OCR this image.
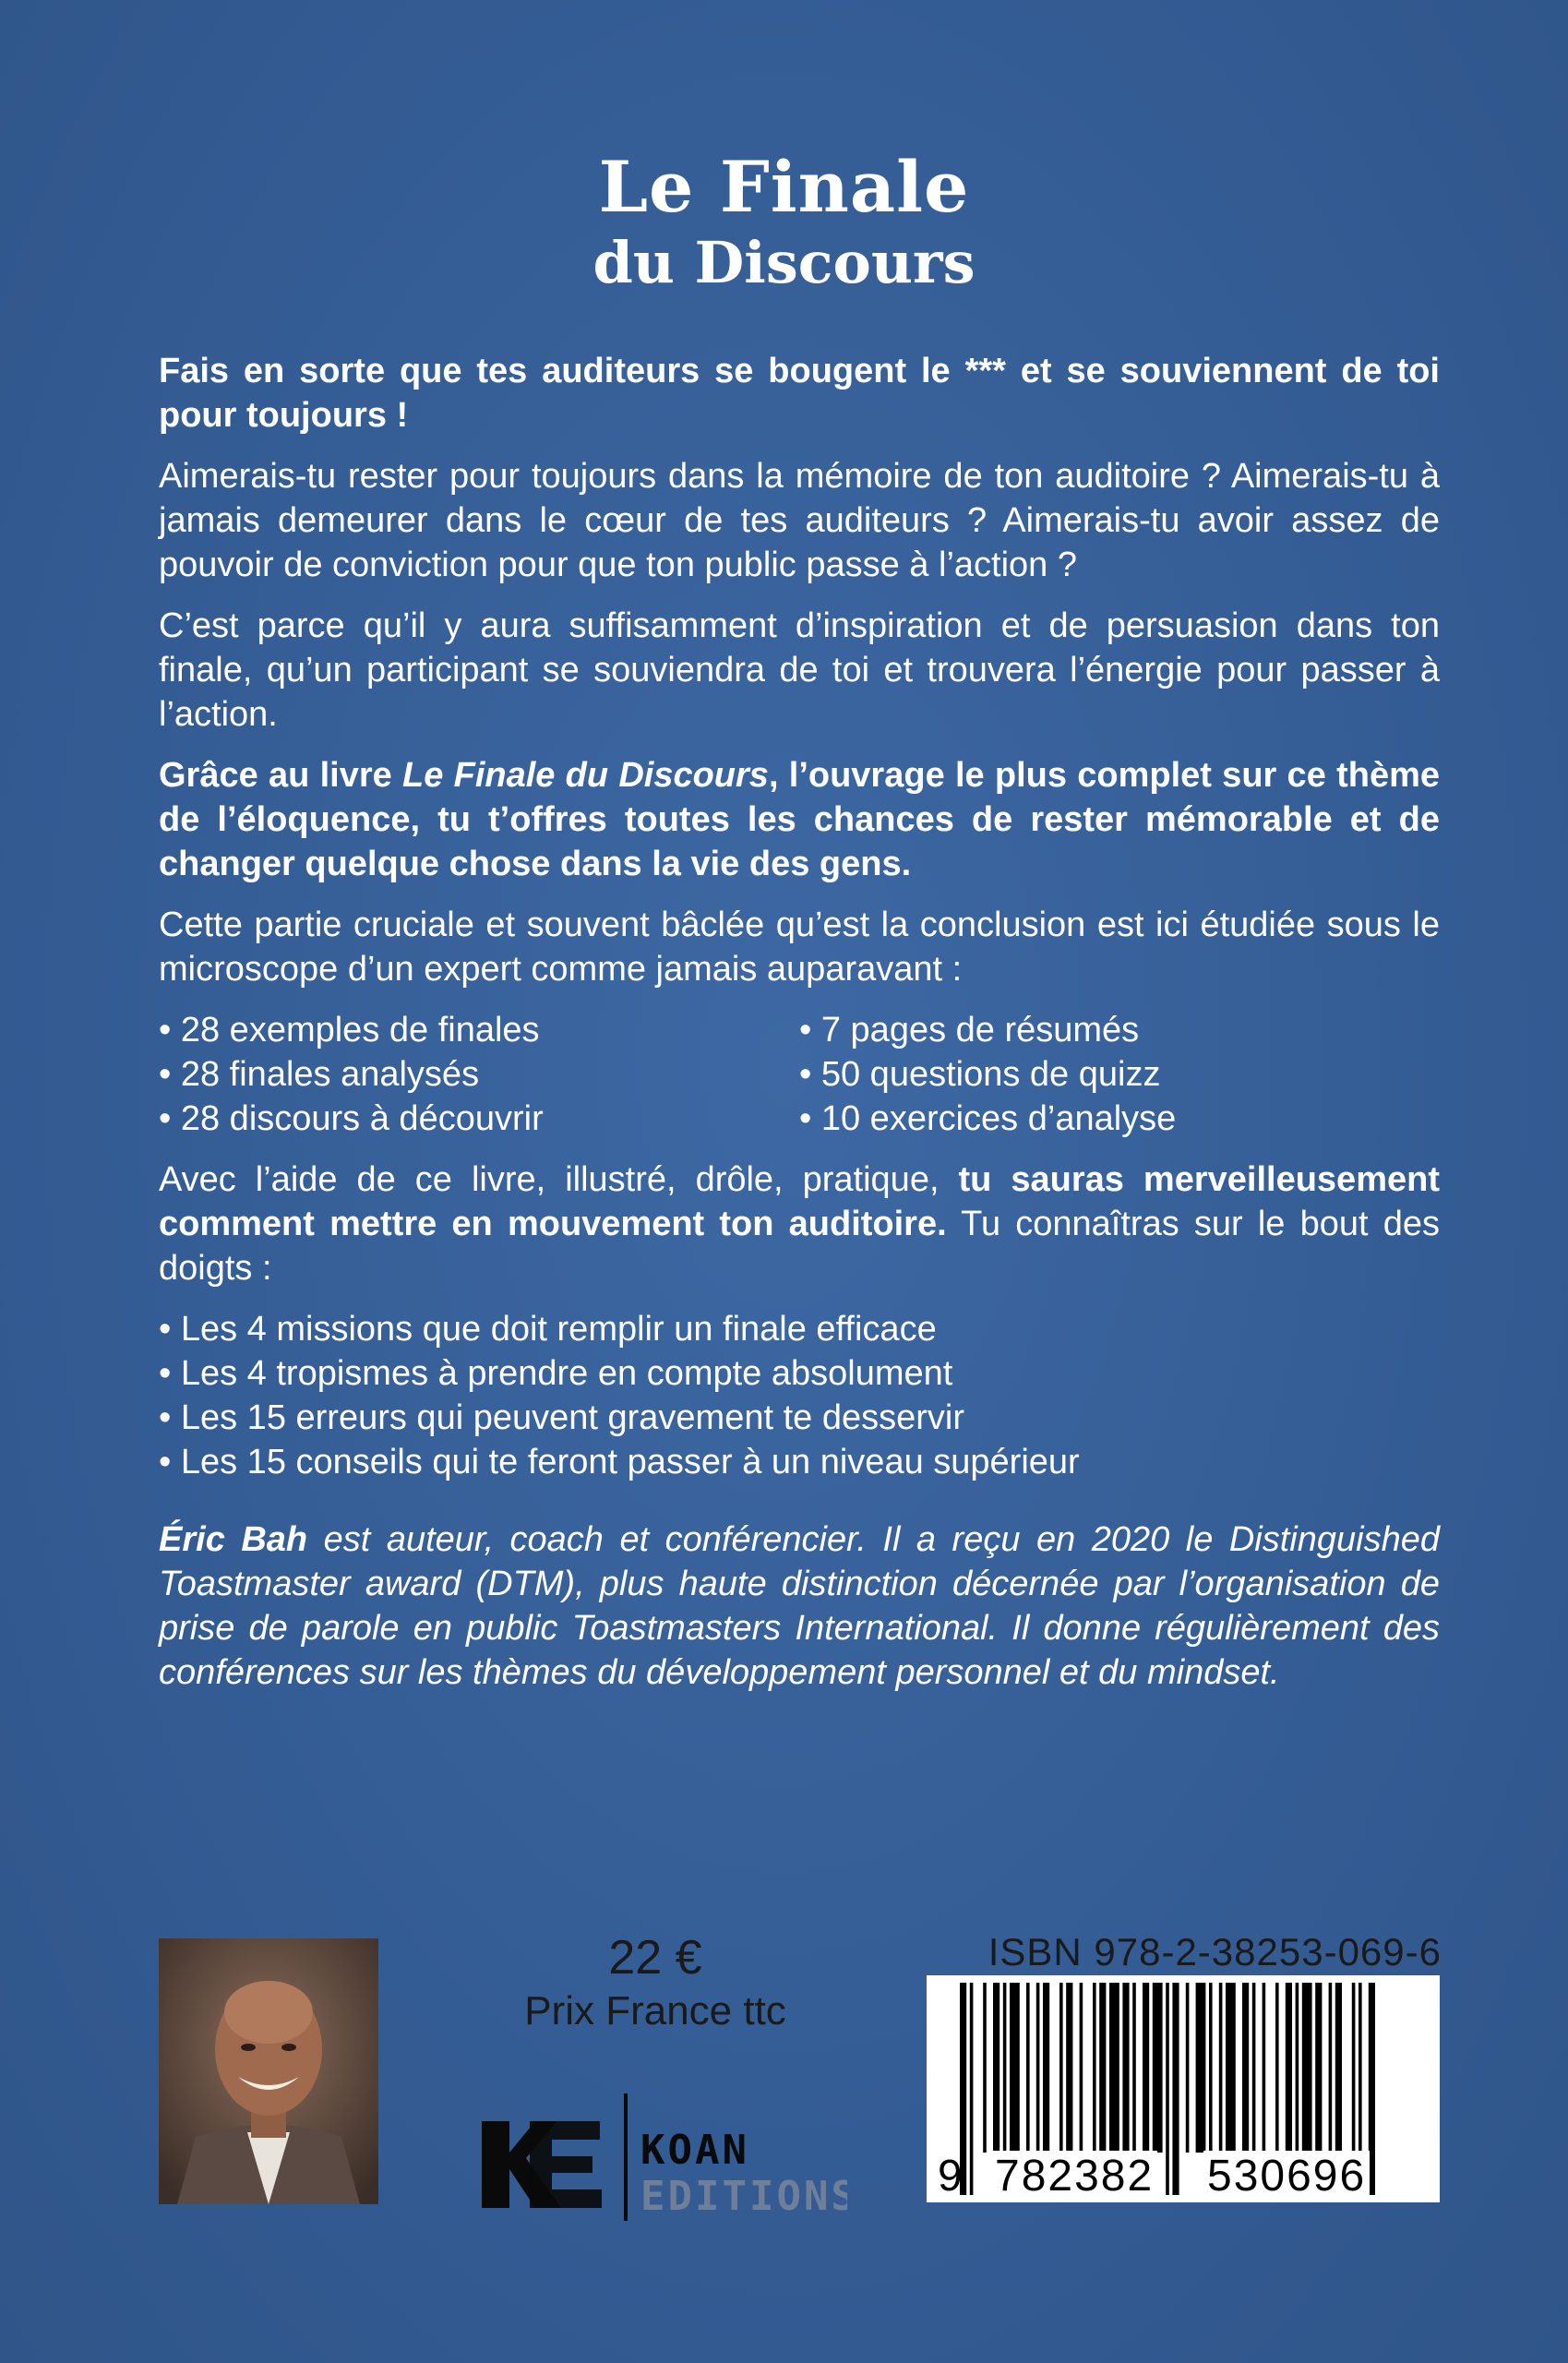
Le Finale
du Discours

Fais en sorte que tes auditeurs se bougent le *** et se souviennent de toi pour toujours !

Aimerais-tu rester pour toujours dans la mémoire de ton auditoire ? Aimerais-tu à jamais demeurer dans le cœur de tes auditeurs ? Aimerais-tu avoir assez de pouvoir de conviction pour que ton public passe à l’action ?

C’est parce qu’il y aura suffisamment d’inspiration et de persuasion dans ton finale, qu’un participant se souviendra de toi et trouvera l’énergie pour passer à l’action.

Grâce au livre Le Finale du Discours, l’ouvrage le plus complet sur ce thème de l’éloquence, tu t’offres toutes les chances de rester mémorable et de changer quelque chose dans la vie des gens.

Cette partie cruciale et souvent bâclée qu’est la conclusion est ici étudiée sous le microscope d’un expert comme jamais auparavant :

• 28 exemples de finales
• 28 finales analysés
• 28 discours à découvrir
• 7 pages de résumés
• 50 questions de quizz
• 10 exercices d’analyse

Avec l’aide de ce livre, illustré, drôle, pratique, tu sauras merveilleusement comment mettre en mouvement ton auditoire. Tu connaîtras sur le bout des doigts :

• Les 4 missions que doit remplir un finale efficace
• Les 4 tropismes à prendre en compte absolument
• Les 15 erreurs qui peuvent gravement te desservir
• Les 15 conseils qui te feront passer à un niveau supérieur

Éric Bah est auteur, coach et conférencier. Il a reçu en 2020 le Distinguished Toastmaster award (DTM), plus haute distinction décernée par l’organisation de prise de parole en public Toastmasters International. Il donne régulièrement des conférences sur les thèmes du développement personnel et du mindset.

22 €
Prix France ttc
KOAN
EDITIONS
ISBN 978-2-38253-069-6
9 782382 530696
